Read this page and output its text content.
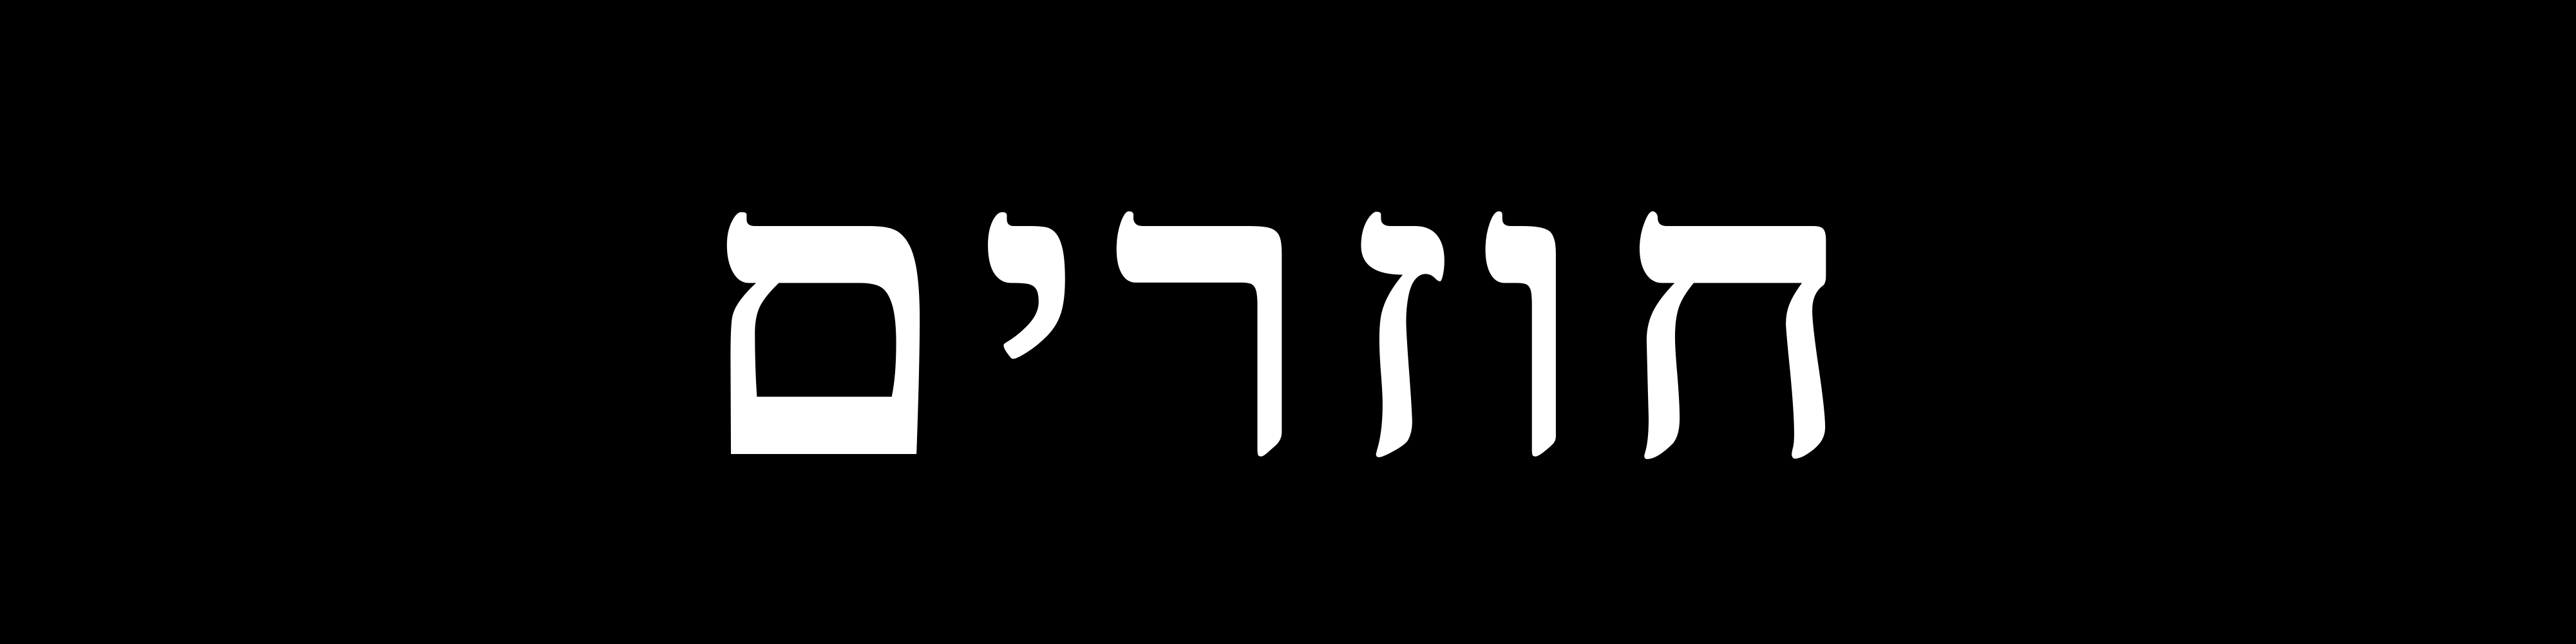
חוזרים
